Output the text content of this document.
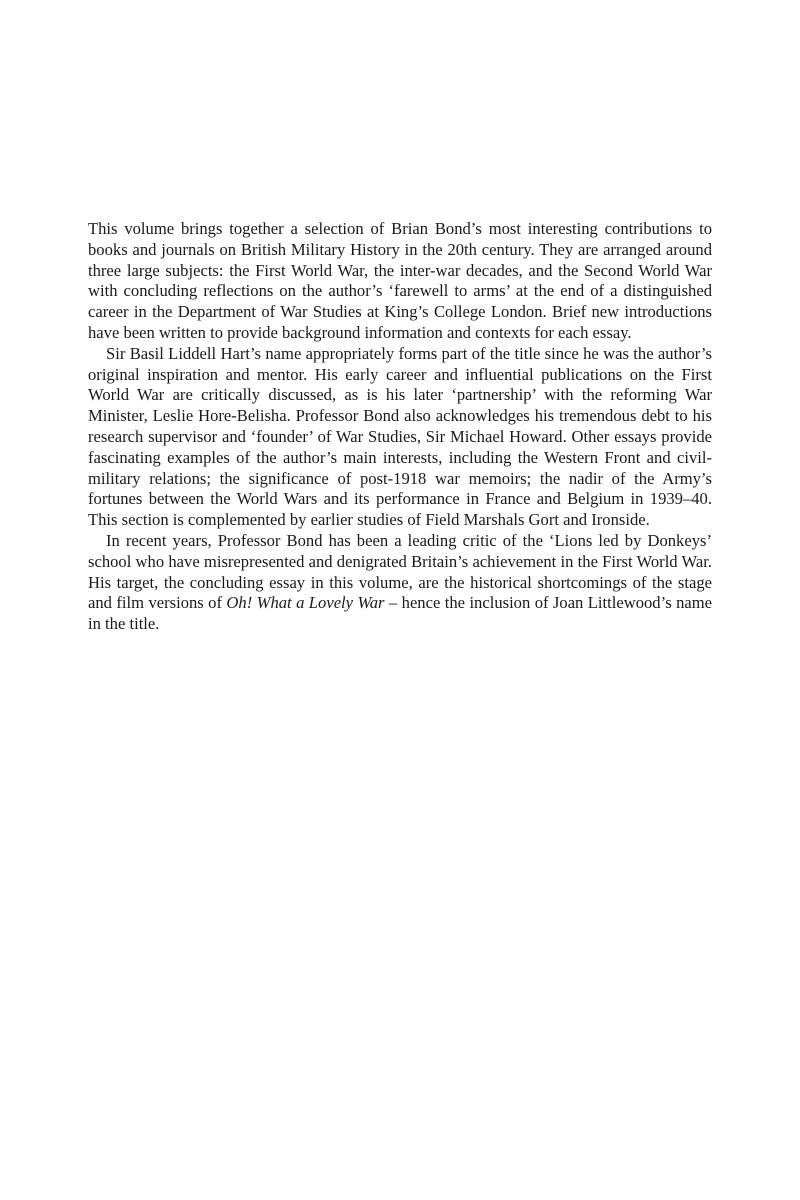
This volume brings together a selection of Brian Bond’s most interesting contributions to books and journals on British Military History in the 20th century. They are arranged around three large subjects: the First World War, the inter-war decades, and the Second World War with concluding reflections on the author’s ‘farewell to arms’ at the end of a distinguished career in the Department of War Studies at King’s College London. Brief new introductions have been written to provide background information and contexts for each essay.

Sir Basil Liddell Hart’s name appropriately forms part of the title since he was the author’s original inspiration and mentor. His early career and influential publications on the First World War are critically discussed, as is his later ‘partnership’ with the reforming War Minister, Leslie Hore-Belisha. Professor Bond also acknowledges his tremendous debt to his research supervisor and ‘founder’ of War Studies, Sir Michael Howard. Other essays provide fascinating examples of the author’s main interests, including the Western Front and civil-military relations; the significance of post-1918 war memoirs; the nadir of the Army’s fortunes between the World Wars and its performance in France and Belgium in 1939–40. This section is complemented by earlier studies of Field Marshals Gort and Ironside.

In recent years, Professor Bond has been a leading critic of the ‘Lions led by Donkeys’ school who have misrepresented and denigrated Britain’s achievement in the First World War. His target, the concluding essay in this volume, are the historical shortcomings of the stage and film versions of Oh! What a Lovely War – hence the inclusion of Joan Littlewood’s name in the title.
